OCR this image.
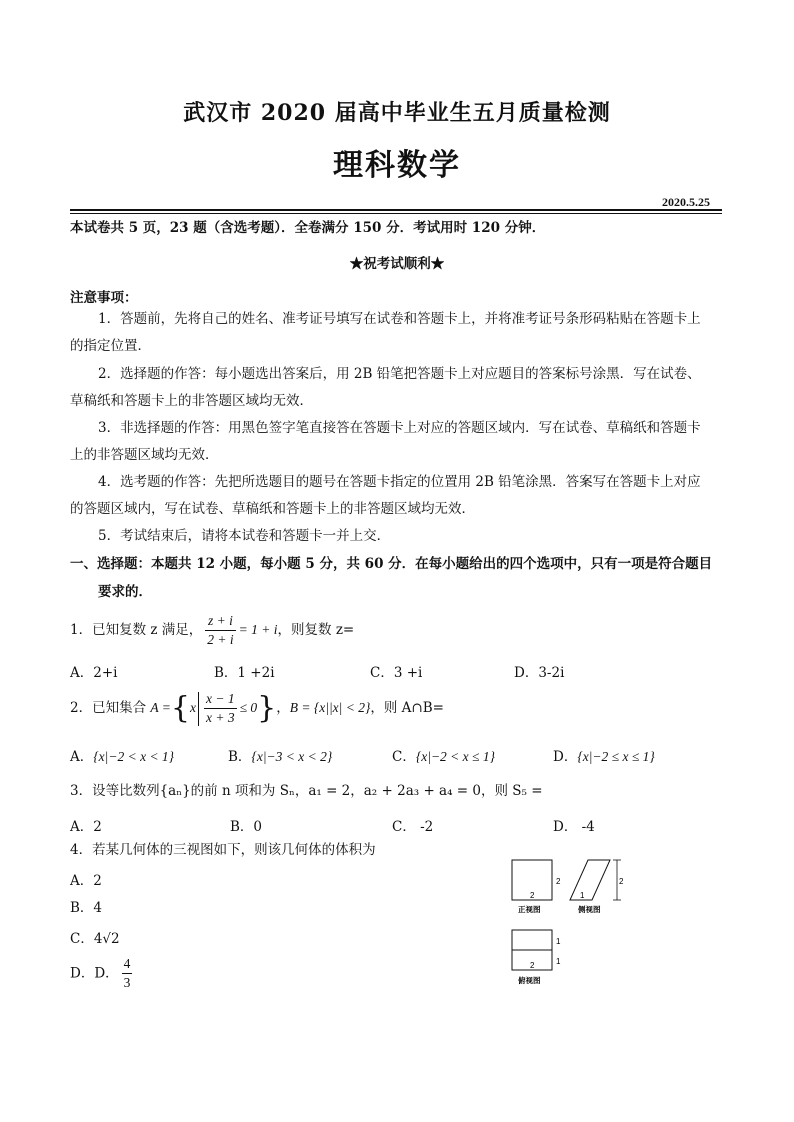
武汉市 2020 届高中毕业生五月质量检测
理科数学
2020.5.25
本试卷共 5 页，23 题（含选考题）．全卷满分 150 分．考试用时 120 分钟．
★祝考试顺利★
注意事项：
1．答题前，先将自己的姓名、准考证号填写在试卷和答题卡上，并将准考证号条形码粘贴在答题卡上
的指定位置．
2．选择题的作答：每小题选出答案后，用 2B 铅笔把答题卡上对应题目的答案标号涂黑．写在试卷、
草稿纸和答题卡上的非答题区域均无效．
3．非选择题的作答：用黑色签字笔直接答在答题卡上对应的答题区域内．写在试卷、草稿纸和答题卡
上的非答题区域均无效．
4．选考题的作答：先把所选题目的题号在答题卡指定的位置用 2B 铅笔涂黑．答案写在答题卡上对应
的答题区域内，写在试卷、草稿纸和答题卡上的非答题区域均无效．
5．考试结束后，请将本试卷和答题卡一并上交．
一、选择题：本题共 12 小题，每小题 5 分，共 60 分．在每小题给出的四个选项中，只有一项是符合题目
要求的．
1．已知复数 z 满足， $\frac{z + i}{2 + i} = 1 + i$，则复数 z=
A．2+i	B．1 +2i	C．3 +i	D．3-2i
2．已知集合 $A =\{x \frac{x - 1}{x + 3} \le 0\}$，B = {x||x| < 2}，则 A∩B=
A．{x|−2 < x < 1}	B．{x|−3 < x < 2}	C．{x|−2 < x ≤ 1}	D．{x|−2 ≤ x ≤ 1}
3．设等比数列{aₙ}的前 n 项和为 Sₙ，a₁ = 2，a₂ + 2a₃ + a₄ = 0，则 S₅ =
A．2	B．0	C． -2	D． -4
4．若某几何体的三视图如下，则该几何体的体积为
A．2
B．4
C．4√2
D．D． $\frac{4}{3}$
2
2
正视图
2
1
侧视图
2
1
1
俯视图
